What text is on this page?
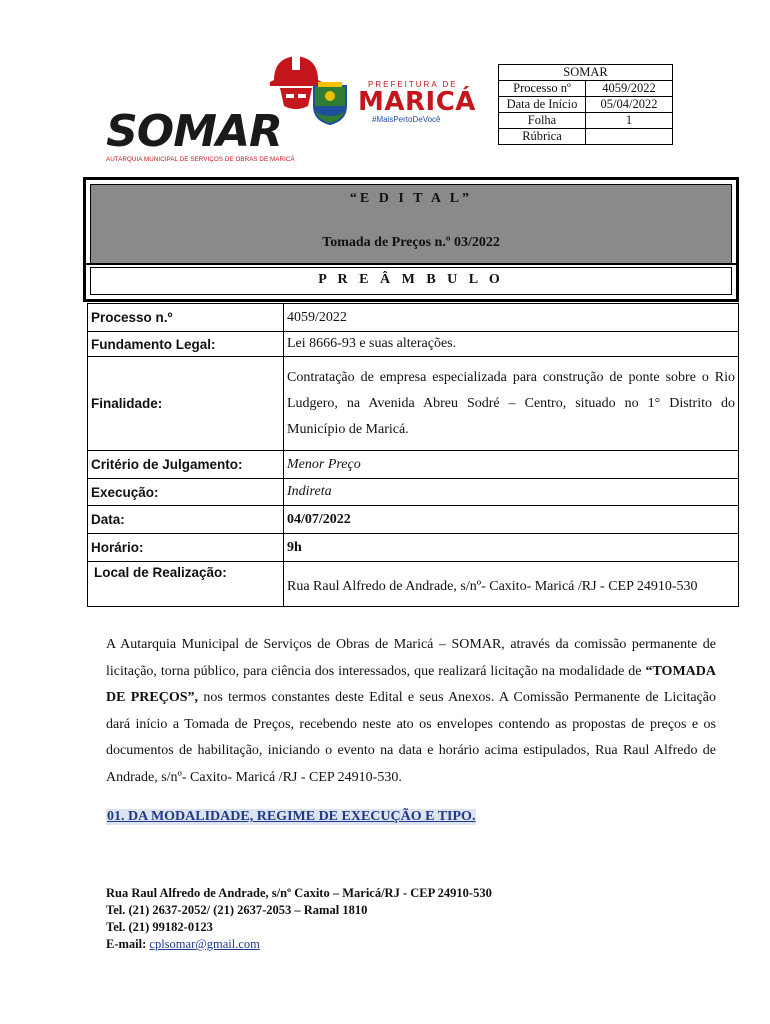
SOMAR
AUTARQUIA MUNICIPAL DE SERVIÇOS DE OBRAS DE MARICÁ
PREFEITURA DE
MARICÁ
#MaisPertoDeVocê
SOMAR	
Processo nº	4059/2022
Data de Início	05/04/2022
Folha	1
Rúbrica	
“E D I T A L”
Tomada de Preços n.º 03/2022
P R E Â M B U L O
Processo n.º	4059/2022
Fundamento Legal:	Lei 8666-93 e suas alterações.
Finalidade:	Contratação de empresa especializada para construção de ponte sobre o Rio Ludgero, na Avenida Abreu Sodré – Centro, situado no 1° Distrito do Município de Maricá.
Critério de Julgamento:	Menor Preço
Execução:	Indireta
Data:	04/07/2022
Horário:	9h
Local de Realização:	Rua Raul Alfredo de Andrade, s/nº- Caxito- Maricá /RJ - CEP 24910-530
A Autarquia Municipal de Serviços de Obras de Maricá – SOMAR, através da comissão permanente de licitação, torna público, para ciência dos interessados, que realizará licitação na modalidade de “TOMADA DE PREÇOS”, nos termos constantes deste Edital e seus Anexos. A Comissão Permanente de Licitação dará início a Tomada de Preços, recebendo neste ato os envelopes contendo as propostas de preços e os documentos de habilitação, iniciando o evento na data e horário acima estipulados, Rua Raul Alfredo de Andrade, s/nº- Caxito- Maricá /RJ - CEP 24910-530.
01. DA MODALIDADE, REGIME DE EXECUÇÃO E TIPO.
Rua Raul Alfredo de Andrade, s/nº Caxito – Maricá/RJ - CEP 24910-530
Tel. (21) 2637-2052/ (21) 2637-2053 – Ramal 1810
Tel. (21) 99182-0123
E-mail: cplsomar@gmail.com
